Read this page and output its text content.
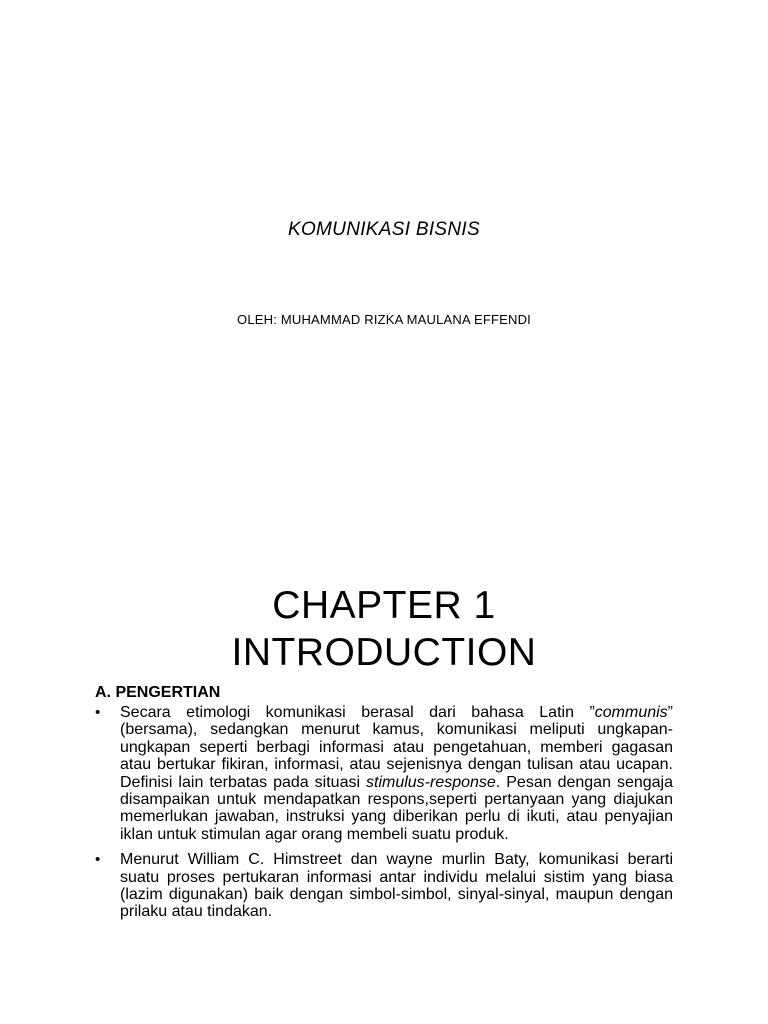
KOMUNIKASI BISNIS
OLEH: MUHAMMAD RIZKA MAULANA EFFENDI
CHAPTER 1
INTRODUCTION
A. PENGERTIAN
• Secara etimologi komunikasi berasal dari bahasa Latin ”communis” (bersama), sedangkan menurut kamus, komunikasi meliputi ungkapan-ungkapan seperti berbagi informasi atau pengetahuan, memberi gagasan atau bertukar fikiran, informasi, atau sejenisnya dengan tulisan atau ucapan. Definisi lain terbatas pada situasi stimulus-response. Pesan dengan sengaja disampaikan untuk mendapatkan respons,seperti pertanyaan yang diajukan memerlukan jawaban, instruksi yang diberikan perlu di ikuti, atau penyajian iklan untuk stimulan agar orang membeli suatu produk.
• Menurut William C. Himstreet dan wayne murlin Baty, komunikasi berarti suatu proses pertukaran informasi antar individu melalui sistim yang biasa (lazim digunakan) baik dengan simbol-simbol, sinyal-sinyal, maupun dengan prilaku atau tindakan.
